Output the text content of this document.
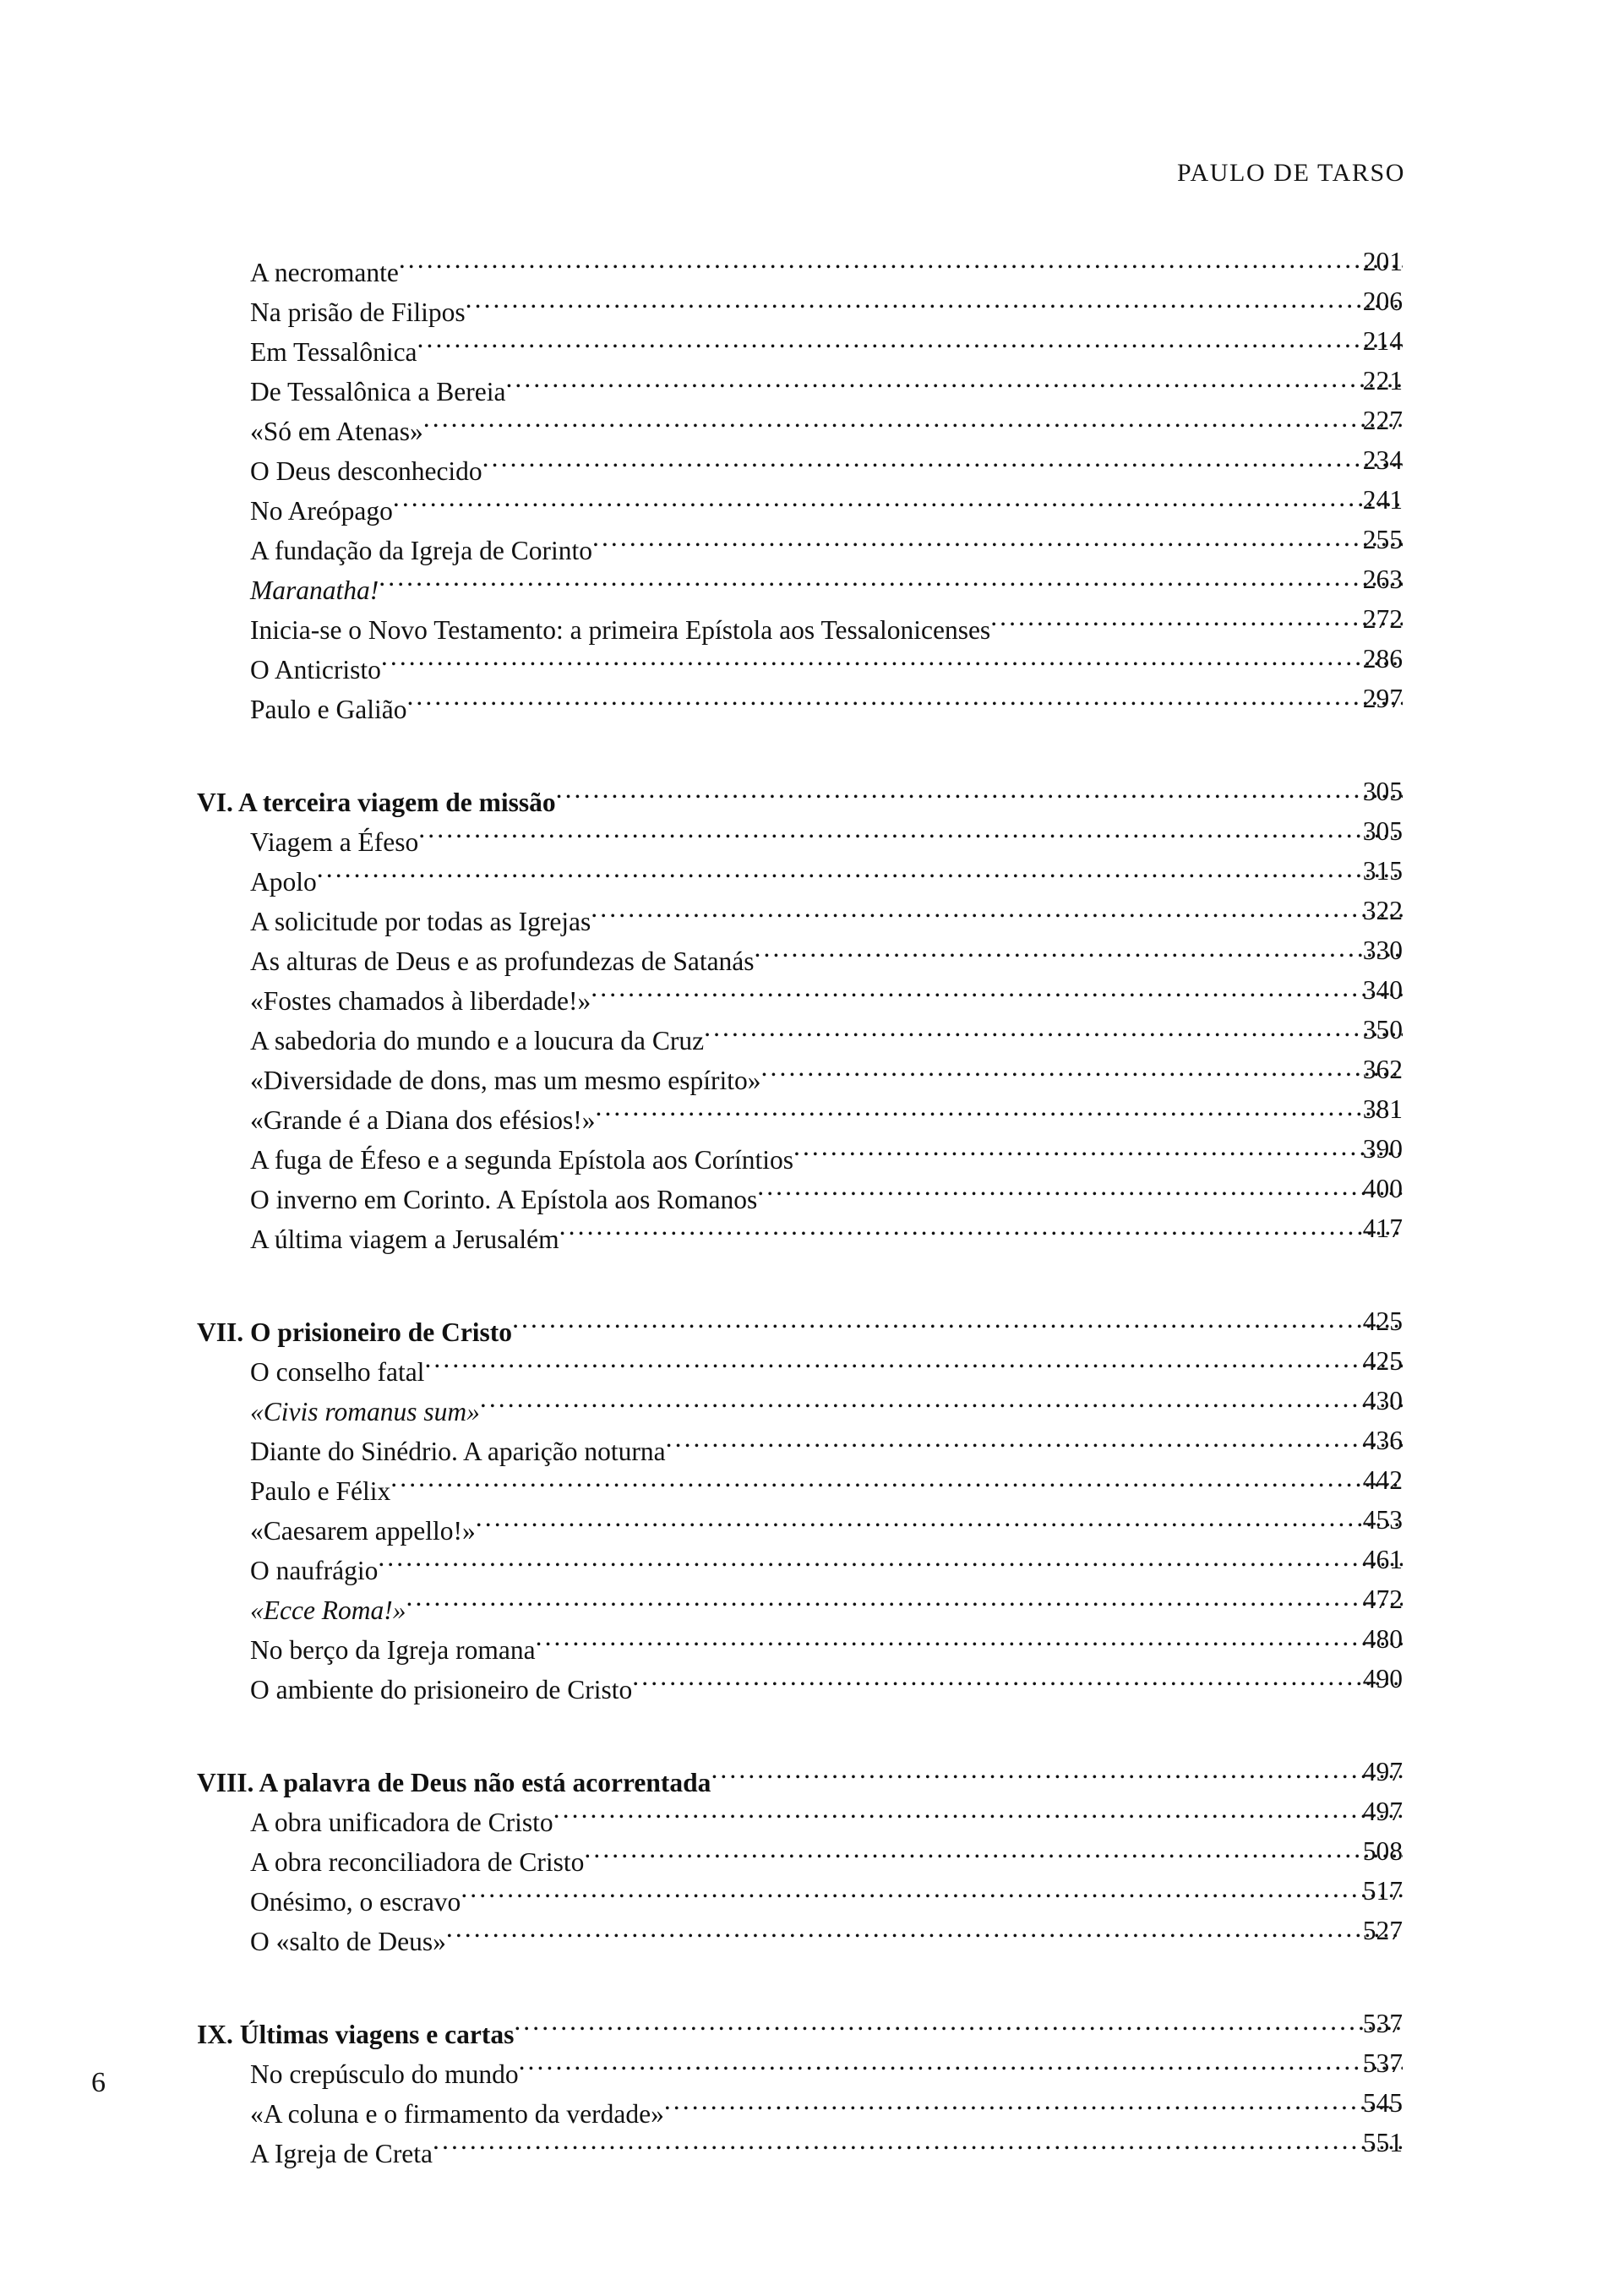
PAULO DE TARSO
A necromante .....	201
Na prisão de Filipos .....	206
Em Tessalônica .....	214
De Tessalônica a Bereia .....	221
«Só em Atenas» .....	227
O Deus desconhecido .....	234
No Areópago .....	241
A fundação da Igreja de Corinto .....	255
Maranatha! .....	263
Inicia-se o Novo Testamento: a primeira Epístola aos Tessalonicenses .....	272
O Anticristo .....	286
Paulo e Galião .....	297
VI. A terceira viagem de missão .....	305
Viagem a Éfeso .....	305
Apolo .....	315
A solicitude por todas as Igrejas .....	322
As alturas de Deus e as profundezas de Satanás .....	330
«Fostes chamados à liberdade!» .....	340
A sabedoria do mundo e a loucura da Cruz .....	350
«Diversidade de dons, mas um mesmo espírito» .....	362
«Grande é a Diana dos efésios!» .....	381
A fuga de Éfeso e a segunda Epístola aos Coríntios .....	390
O inverno em Corinto. A Epístola aos Romanos .....	400
A última viagem a Jerusalém .....	417
VII. O prisioneiro de Cristo .....	425
O conselho fatal .....	425
«Civis romanus sum» .....	430
Diante do Sinédrio. A aparição noturna .....	436
Paulo e Félix .....	442
«Caesarem appello!» .....	453
O naufrágio .....	461
«Ecce Roma!» .....	472
No berço da Igreja romana .....	480
O ambiente do prisioneiro de Cristo .....	490
VIII. A palavra de Deus não está acorrentada .....	497
A obra unificadora de Cristo .....	497
A obra reconciliadora de Cristo .....	508
Onésimo, o escravo .....	517
O «salto de Deus» .....	527
IX. Últimas viagens e cartas .....	537
No crepúsculo do mundo .....	537
«A coluna e o firmamento da verdade» .....	545
A Igreja de Creta .....	551
6
